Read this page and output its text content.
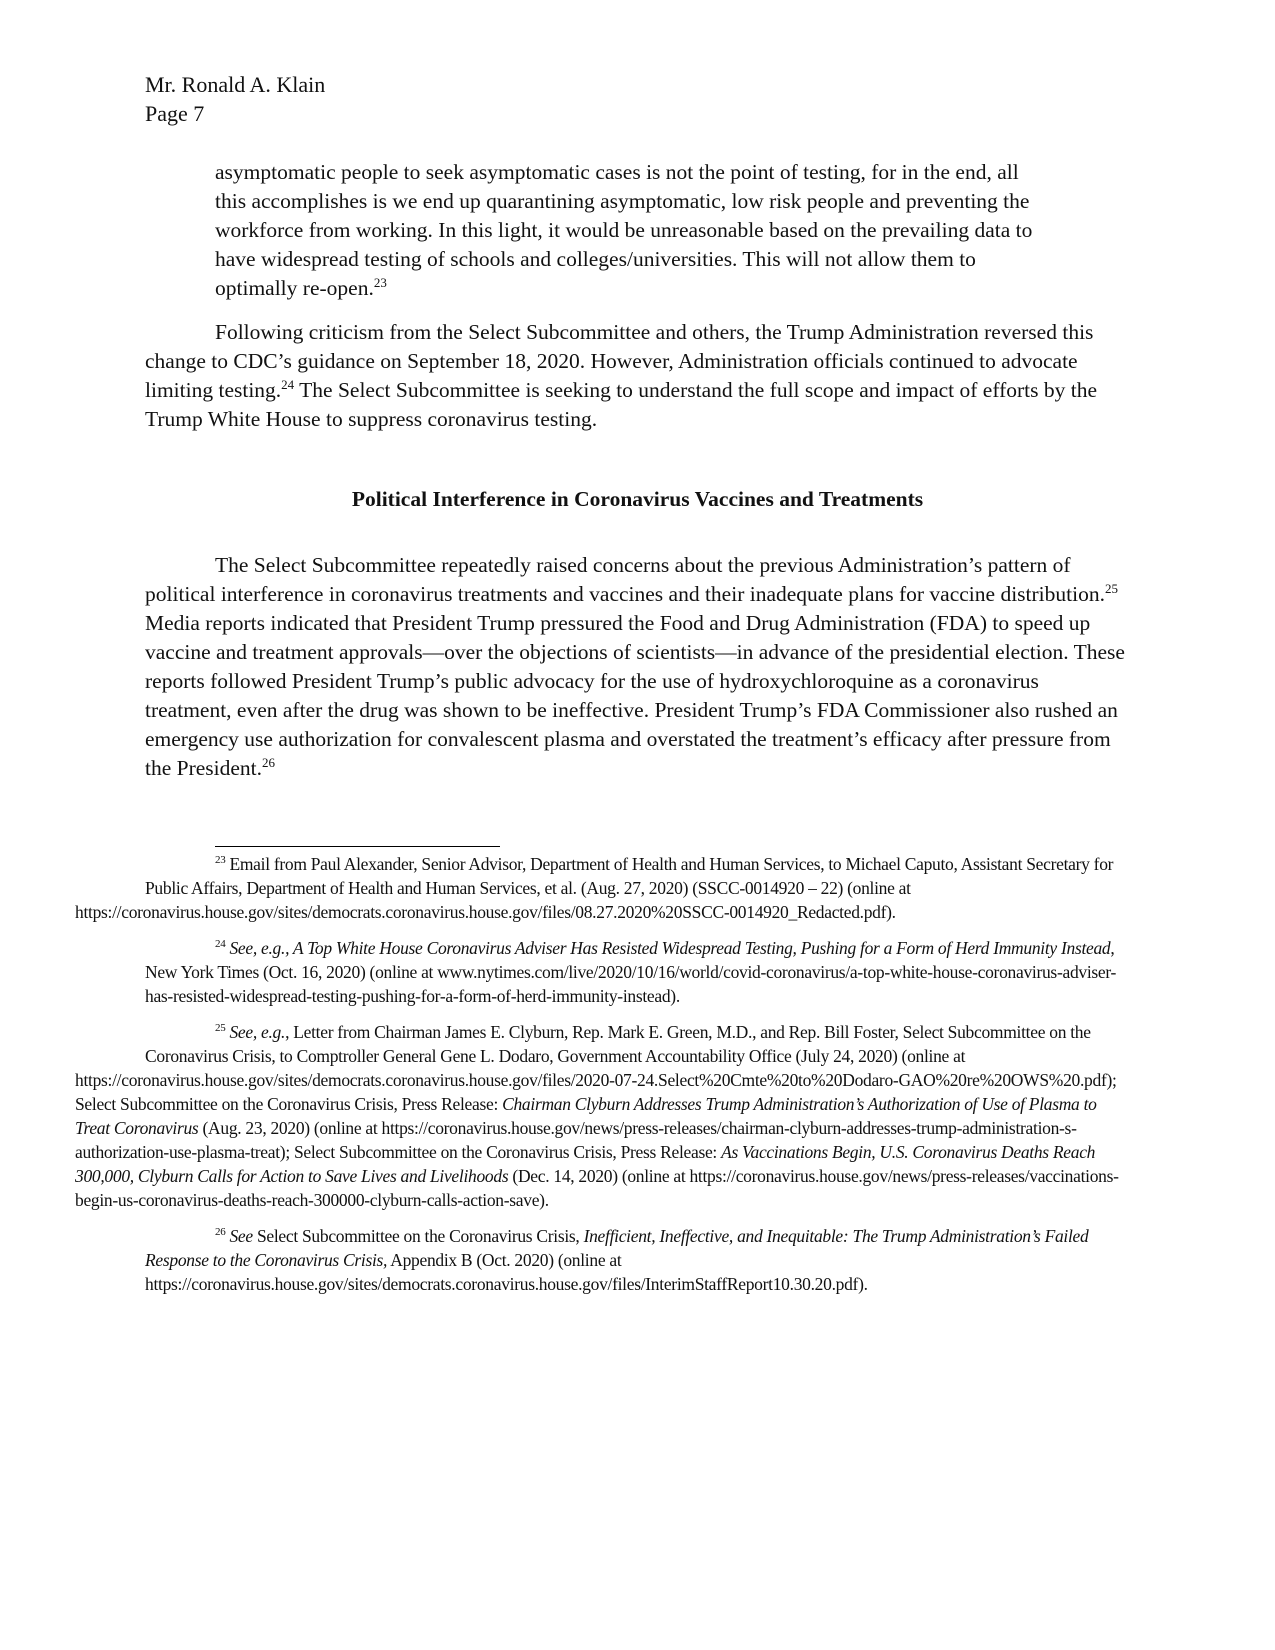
Mr. Ronald A. Klain
Page 7
asymptomatic people to seek asymptomatic cases is not the point of testing, for in the end, all this accomplishes is we end up quarantining asymptomatic, low risk people and preventing the workforce from working. In this light, it would be unreasonable based on the prevailing data to have widespread testing of schools and colleges/universities. This will not allow them to optimally re-open.$^{23}$

Following criticism from the Select Subcommittee and others, the Trump Administration reversed this change to CDC’s guidance on September 18, 2020. However, Administration officials continued to advocate limiting testing.$^{24}$ The Select Subcommittee is seeking to understand the full scope and impact of efforts by the Trump White House to suppress coronavirus testing.

Political Interference in Coronavirus Vaccines and Treatments

The Select Subcommittee repeatedly raised concerns about the previous Administration’s pattern of political interference in coronavirus treatments and vaccines and their inadequate plans for vaccine distribution.$^{25}$ Media reports indicated that President Trump pressured the Food and Drug Administration (FDA) to speed up vaccine and treatment approvals—over the objections of scientists—in advance of the presidential election. These reports followed President Trump’s public advocacy for the use of hydroxychloroquine as a coronavirus treatment, even after the drug was shown to be ineffective. President Trump’s FDA Commissioner also rushed an emergency use authorization for convalescent plasma and overstated the treatment’s efficacy after pressure from the President.$^{26}$

$^{23}$ Email from Paul Alexander, Senior Advisor, Department of Health and Human Services, to Michael Caputo, Assistant Secretary for Public Affairs, Department of Health and Human Services, et al. (Aug. 27, 2020) (SSCC-0014920 – 22) (online at
https://coronavirus.house.gov/sites/democrats.coronavirus.house.gov/files/08.27.2020%20SSCC-0014920_Redacted.pdf).

$^{24}$ See, e.g., A Top White House Coronavirus Adviser Has Resisted Widespread Testing, Pushing for a Form of Herd Immunity Instead, New York Times (Oct. 16, 2020) (online at www.nytimes.com/live/2020/10/16/world/covid-coronavirus/a-top-white-house-coronavirus-adviser-has-resisted-widespread-testing-pushing-for-a-form-of-herd-immunity-instead).

$^{25}$ See, e.g., Letter from Chairman James E. Clyburn, Rep. Mark E. Green, M.D., and Rep. Bill Foster, Select Subcommittee on the Coronavirus Crisis, to Comptroller General Gene L. Dodaro, Government Accountability Office (July 24, 2020) (online at
https://coronavirus.house.gov/sites/democrats.coronavirus.house.gov/files/2020-07-24.Select%20Cmte%20to%20Dodaro-GAO%20re%20OWS%20.pdf); Select Subcommittee on the Coronavirus Crisis, Press Release: Chairman Clyburn Addresses Trump Administration’s Authorization of Use of Plasma to Treat Coronavirus (Aug. 23, 2020) (online at https://coronavirus.house.gov/news/press-releases/chairman-clyburn-addresses-trump-administration-s-authorization-use-plasma-treat); Select Subcommittee on the Coronavirus Crisis, Press Release: As Vaccinations Begin, U.S. Coronavirus Deaths Reach 300,000, Clyburn Calls for Action to Save Lives and Livelihoods (Dec. 14, 2020) (online at https://coronavirus.house.gov/news/press-releases/vaccinations-begin-us-coronavirus-deaths-reach-300000-clyburn-calls-action-save).

$^{26}$ See Select Subcommittee on the Coronavirus Crisis, Inefficient, Ineffective, and Inequitable: The Trump Administration’s Failed Response to the Coronavirus Crisis, Appendix B (Oct. 2020) (online at https://coronavirus.house.gov/sites/democrats.coronavirus.house.gov/files/InterimStaffReport10.30.20.pdf).
